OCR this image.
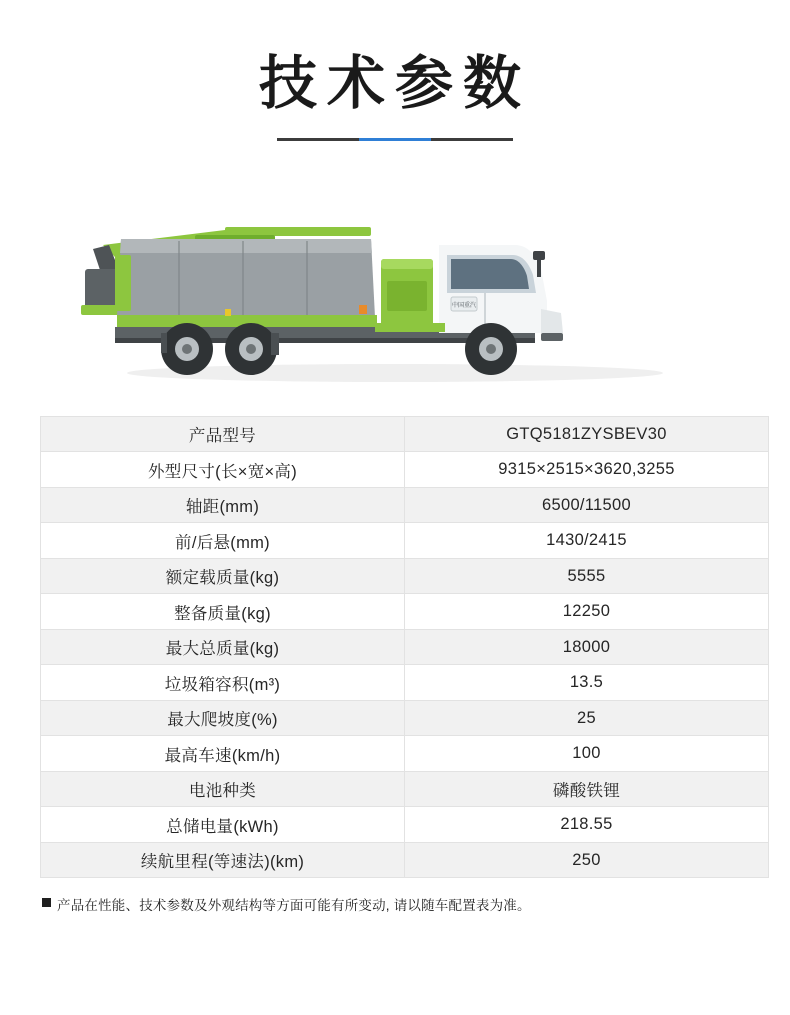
技术参数
中国重汽
产品型号	GTQ5181ZYSBEV30
外型尺寸(长×宽×高)	9315×2515×3620,3255
轴距(mm)	6500/11500
前/后悬(mm)	1430/2415
额定载质量(kg)	5555
整备质量(kg)	12250
最大总质量(kg)	18000
垃圾箱容积(m³)	13.5
最大爬坡度(%)	25
最高车速(km/h)	100
电池种类	磷酸铁锂
总储电量(kWh)	218.55
续航里程(等速法)(km)	250
产品在性能、技术参数及外观结构等方面可能有所变动, 请以随车配置表为准。
